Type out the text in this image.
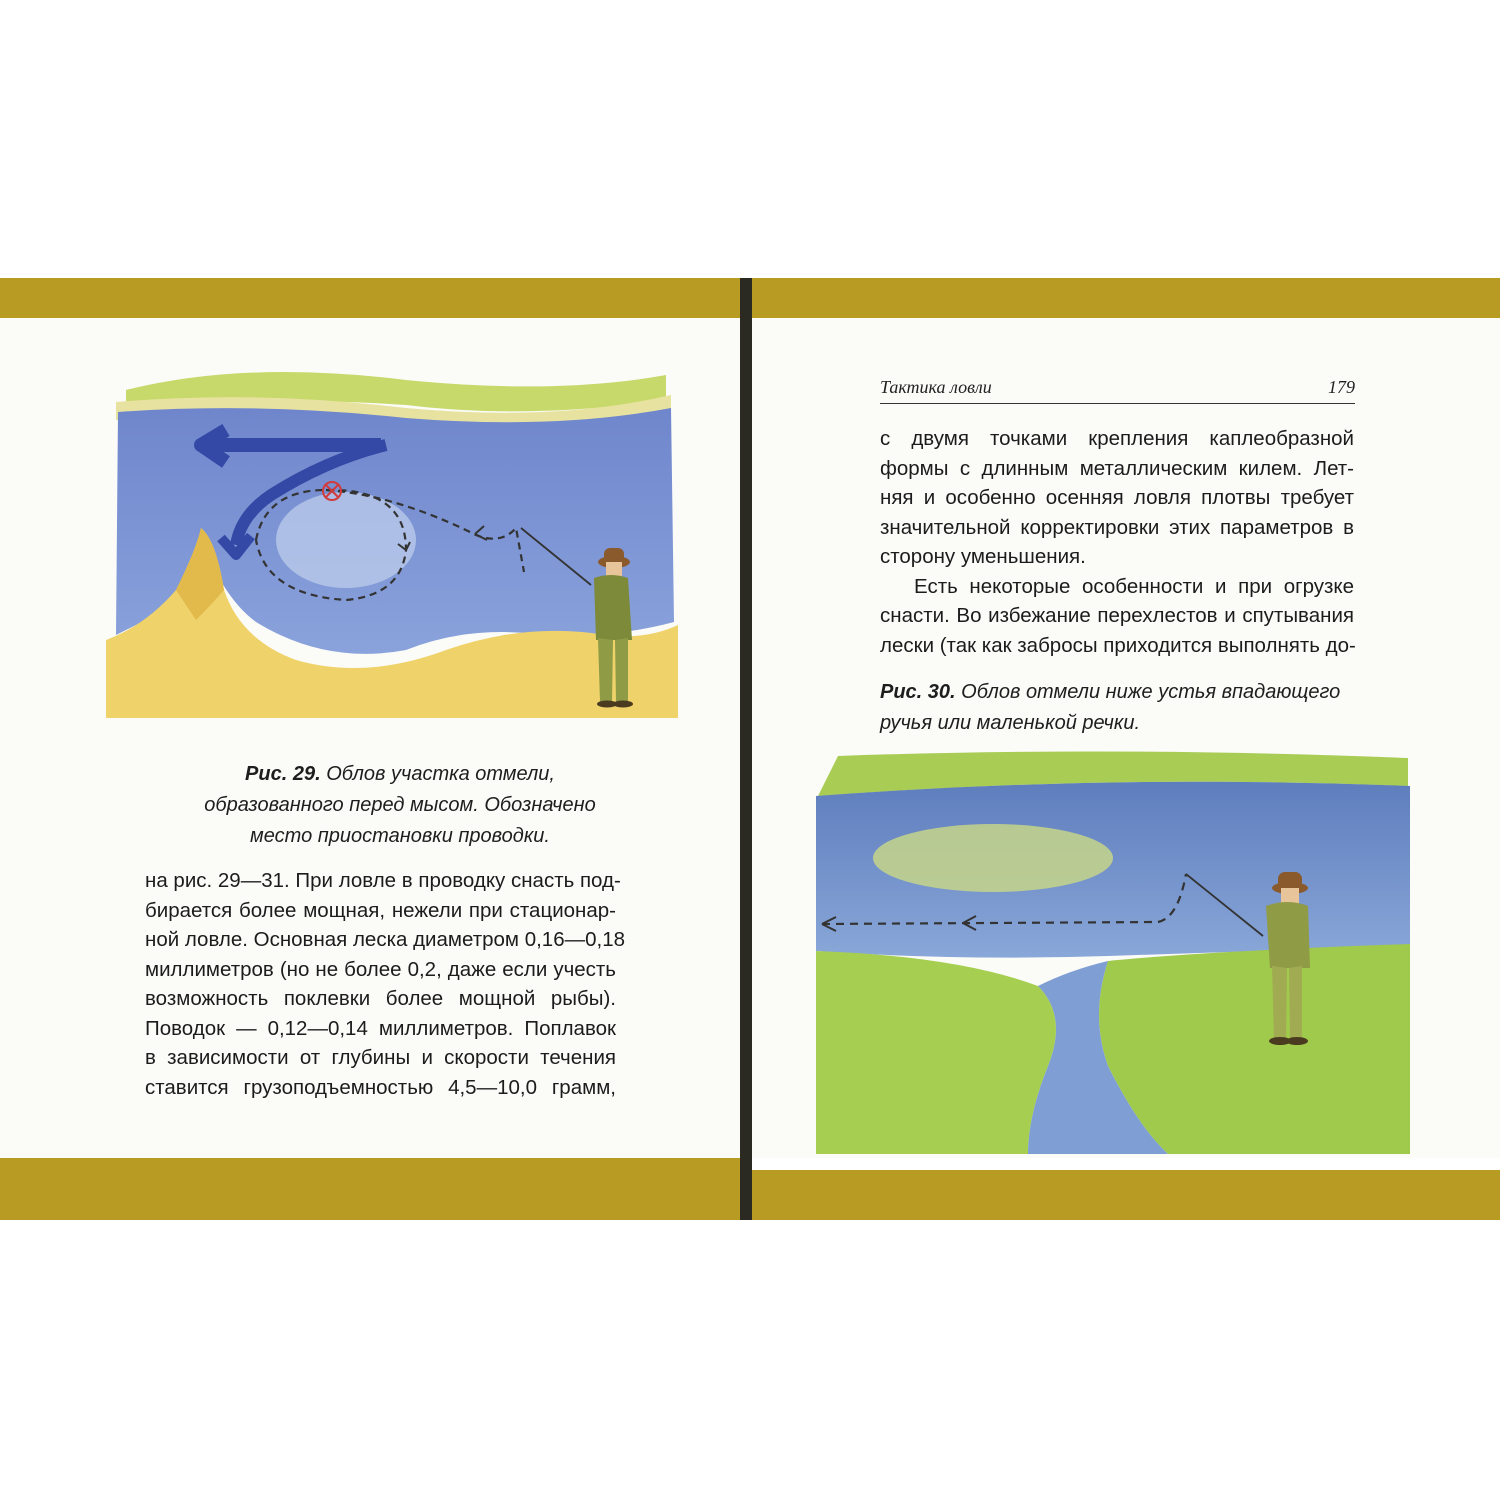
Рис. 29. Облов участка отмели,
образованного перед мысом. Обозначено
место приостановки проводки.
на рис. 29—31. При ловле в проводку снасть под-
бирается более мощная, нежели при стационар-
ной ловле. Основная леска диаметром 0,16—0,18
миллиметров (но не более 0,2, даже если учесть
возможность поклевки более мощной рыбы).
Поводок — 0,12—0,14 миллиметров. Поплавок
в зависимости от глубины и скорости течения
ставится грузоподъемностью 4,5—10,0 грамм,
Тактика ловли	179
с двумя точками крепления каплеобразной
формы с длинным металлическим килем. Лет-
няя и особенно осенняя ловля плотвы требует
значительной корректировки этих параметров в
сторону уменьшения.
Есть некоторые особенности и при огрузке
снасти. Во избежание перехлестов и спутывания
лески (так как забросы приходится выполнять до-
Рис. 30. Облов отмели ниже устья впадающего
ручья или маленькой речки.
